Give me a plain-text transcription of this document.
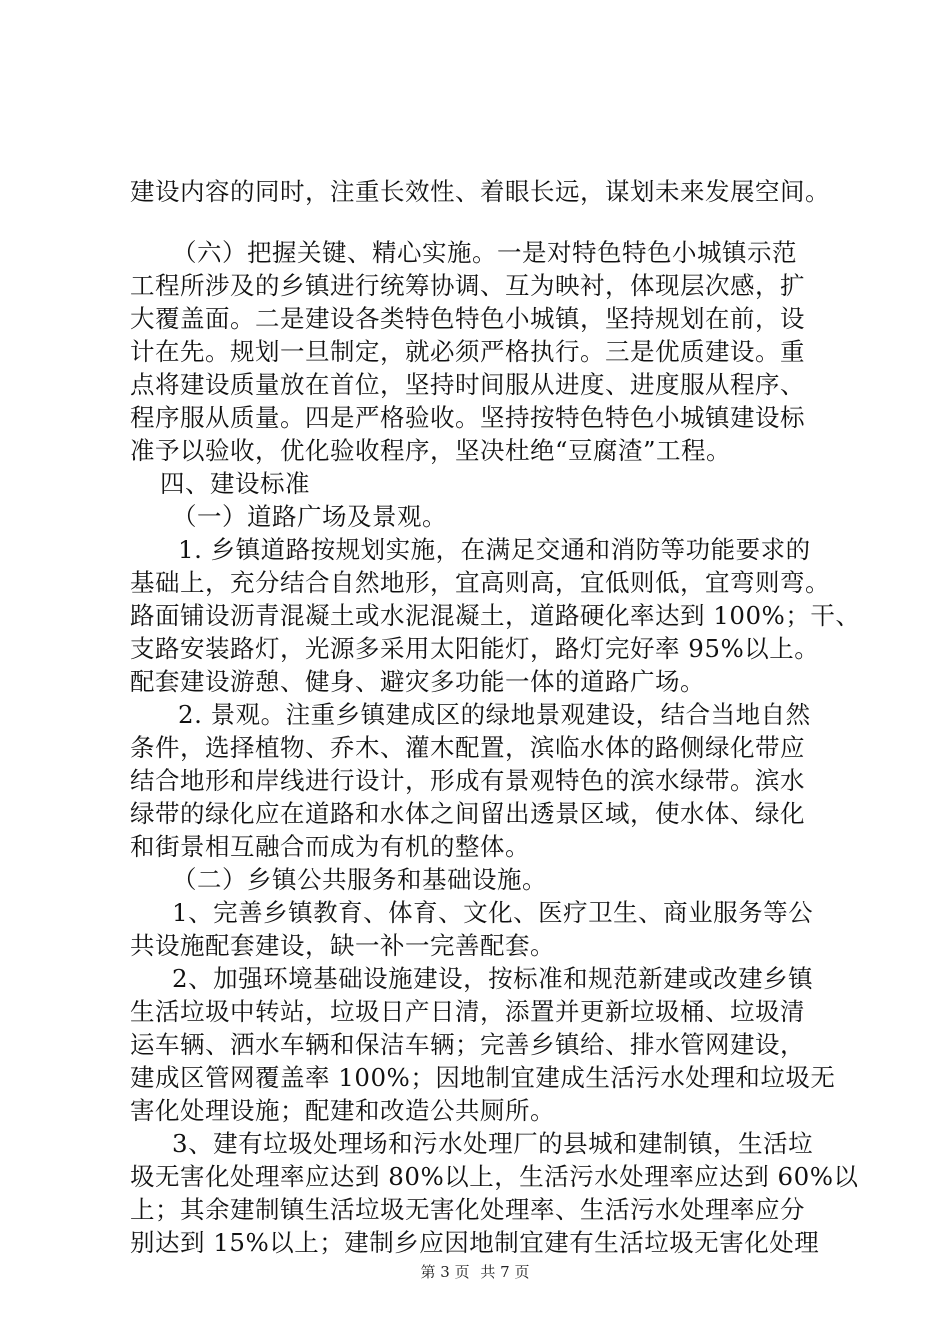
建设内容的同时，注重长效性、着眼长远，谋划未来发展空间。
（六）把握关键、精心实施。一是对特色特色小城镇示范
工程所涉及的乡镇进行统筹协调、互为映衬，体现层次感，扩
大覆盖面。二是建设各类特色特色小城镇，坚持规划在前，设
计在先。规划一旦制定，就必须严格执行。三是优质建设。重
点将建设质量放在首位，坚持时间服从进度、进度服从程序、
程序服从质量。四是严格验收。坚持按特色特色小城镇建设标
准予以验收，优化验收程序，坚决杜绝“豆腐渣”工程。
四、建设标准
（一）道路广场及景观。
1. 乡镇道路按规划实施，在满足交通和消防等功能要求的
基础上，充分结合自然地形，宜高则高，宜低则低，宜弯则弯。
路面铺设沥青混凝土或水泥混凝土，道路硬化率达到 100%；干、
支路安装路灯，光源多采用太阳能灯，路灯完好率 95%以上。
配套建设游憩、健身、避灾多功能一体的道路广场。
2. 景观。注重乡镇建成区的绿地景观建设，结合当地自然
条件，选择植物、乔木、灌木配置，滨临水体的路侧绿化带应
结合地形和岸线进行设计，形成有景观特色的滨水绿带。滨水
绿带的绿化应在道路和水体之间留出透景区域，使水体、绿化
和街景相互融合而成为有机的整体。
（二）乡镇公共服务和基础设施。
1、完善乡镇教育、体育、文化、医疗卫生、商业服务等公
共设施配套建设，缺一补一完善配套。
2、加强环境基础设施建设，按标准和规范新建或改建乡镇
生活垃圾中转站，垃圾日产日清，添置并更新垃圾桶、垃圾清
运车辆、洒水车辆和保洁车辆；完善乡镇给、排水管网建设，
建成区管网覆盖率 100%；因地制宜建成生活污水处理和垃圾无
害化处理设施；配建和改造公共厕所。
3、建有垃圾处理场和污水处理厂的县城和建制镇，生活垃
圾无害化处理率应达到 80%以上，生活污水处理率应达到 60%以
上；其余建制镇生活垃圾无害化处理率、生活污水处理率应分
别达到 15%以上；建制乡应因地制宜建有生活垃圾无害化处理
第 3 页 共 7 页
